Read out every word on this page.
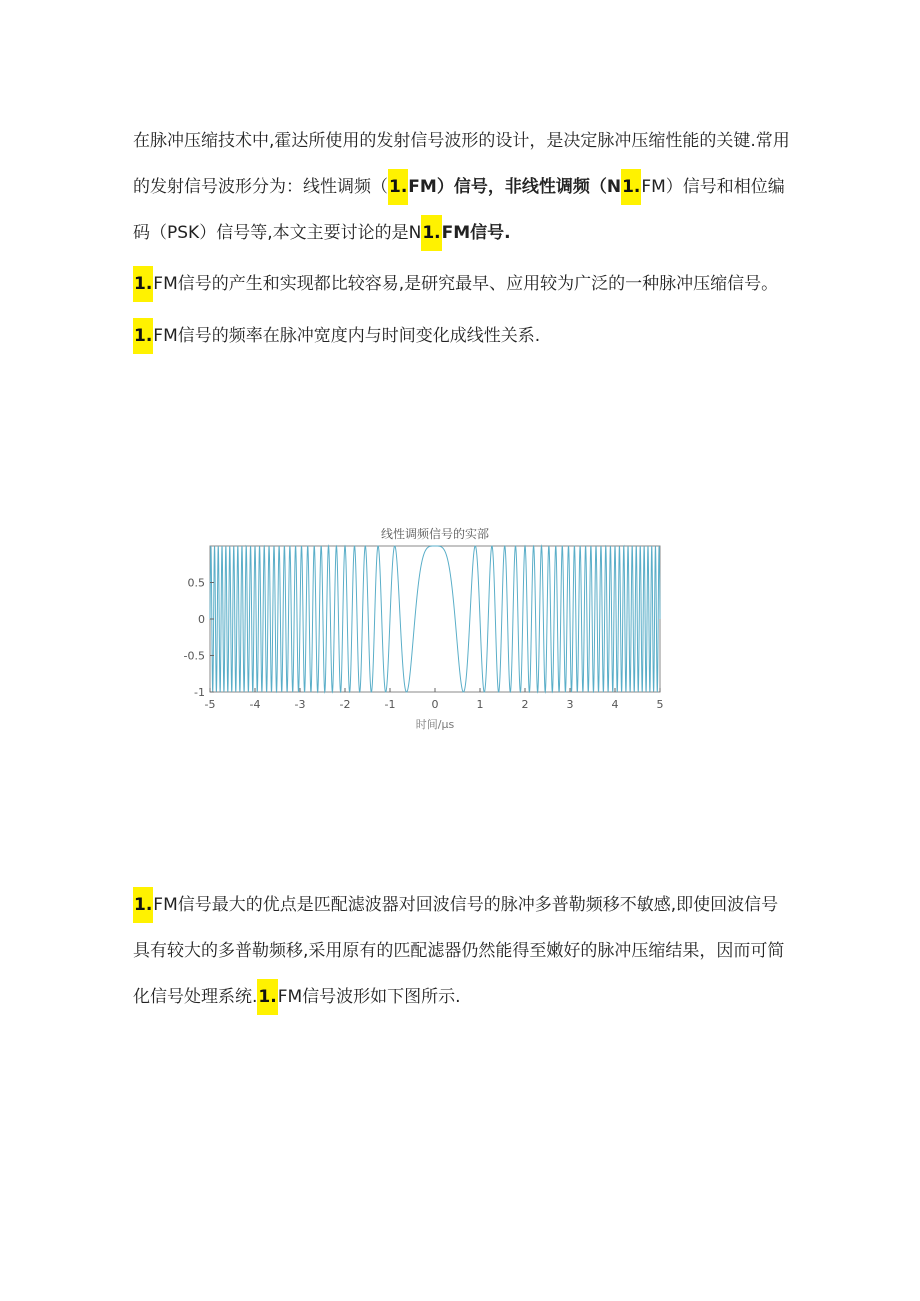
在脉冲压缩技术中,霍达所使用的发射信号波形的设计，是决定脉冲压缩性能的关键.常用的发射信号波形分为：线性调频（1.FM）信号，非线性调频（N1.FM）信号和相位编码（PSK）信号等,本文主要讨论的是N1.FM信号.

1.FM信号的产生和实现都比较容易,是研究最早、应用较为广泛的一种脉冲压缩信号。

1.FM信号的频率在脉冲宽度内与时间变化成线性关系.

线性调频信号的实部
-5	-4	-3	-2	-1	0	1	2	3	4	5
-1
-0.5
0
0.5
时间/μs

1.FM信号最大的优点是匹配滤波器对回波信号的脉冲多普勒频移不敏感,即使回波信号具有较大的多普勒频移,采用原有的匹配滤器仍然能得至嫩好的脉冲压缩结果，因而可简化信号处理系统.1.FM信号波形如下图所示.
